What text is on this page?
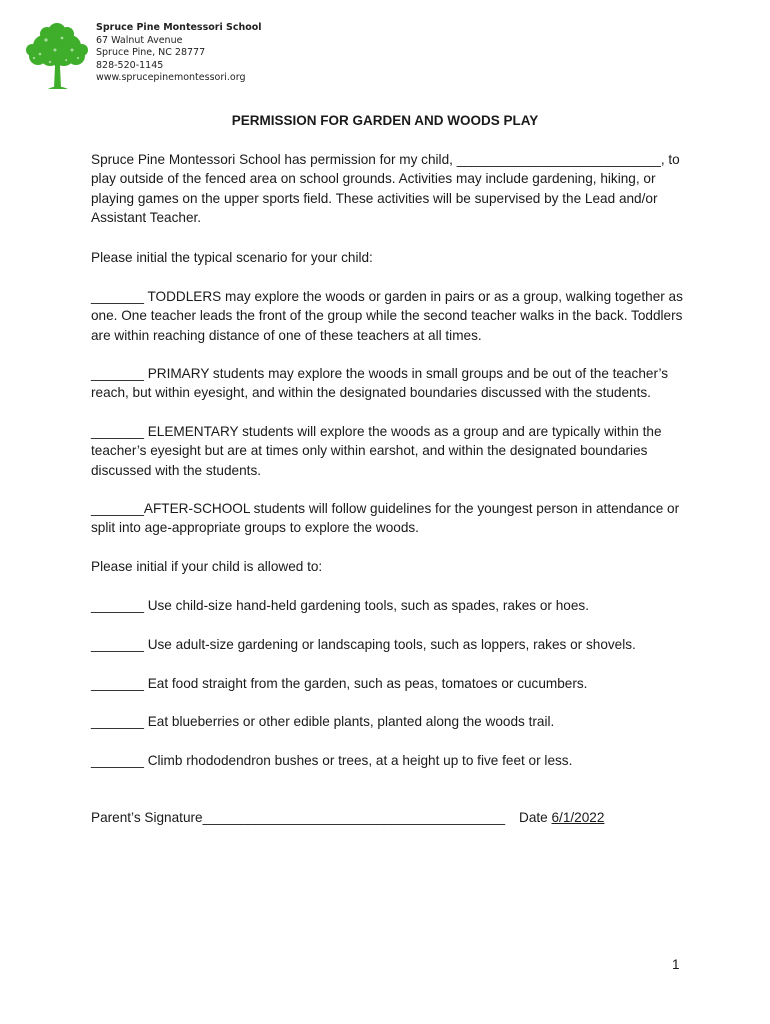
Spruce Pine Montessori School
67 Walnut Avenue
Spruce Pine, NC 28777
828-520-1145
www.sprucepinemontessori.org
PERMISSION FOR GARDEN AND WOODS PLAY
Spruce Pine Montessori School has permission for my child, ___________________________, to play outside of the fenced area on school grounds. Activities may include gardening, hiking, or playing games on the upper sports field. These activities will be supervised by the Lead and/or Assistant Teacher.
Please initial the typical scenario for your child:
_______ TODDLERS may explore the woods or garden in pairs or as a group, walking together as one. One teacher leads the front of the group while the second teacher walks in the back. Toddlers are within reaching distance of one of these teachers at all times.
_______ PRIMARY students may explore the woods in small groups and be out of the teacher’s reach, but within eyesight, and within the designated boundaries discussed with the students.
_______ ELEMENTARY students will explore the woods as a group and are typically within the teacher’s eyesight but are at times only within earshot, and within the designated boundaries discussed with the students.
_______AFTER-SCHOOL students will follow guidelines for the youngest person in attendance or split into age-appropriate groups to explore the woods.
Please initial if your child is allowed to:
_______ Use child-size hand-held gardening tools, such as spades, rakes or hoes.
_______ Use adult-size gardening or landscaping tools, such as loppers, rakes or shovels.
_______ Eat food straight from the garden, such as peas, tomatoes or cucumbers.
_______ Eat blueberries or other edible plants, planted along the woods trail.
_______ Climb rhododendron bushes or trees, at a height up to five feet or less.
Parent’s Signature________________________________________ Date 6/1/2022
1
